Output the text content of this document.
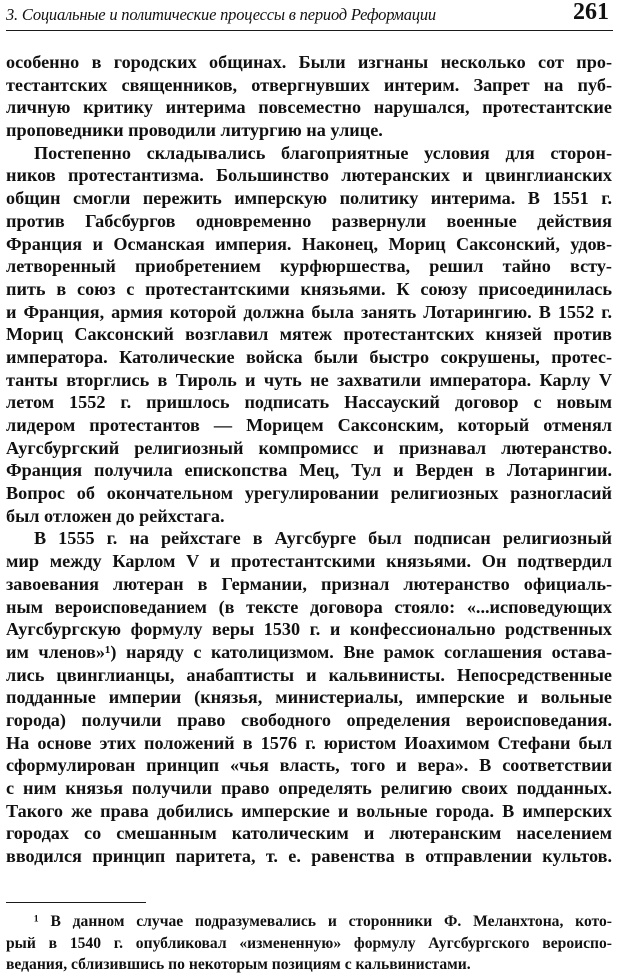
3. Социальные и политические процессы в период Реформации	261
особенно в городских общинах. Были изгнаны несколько сот про-
тестантских священников, отвергнувших интерим. Запрет на пуб-
личную критику интерима повсеместно нарушался, протестантские
проповедники проводили литургию на улице.
Постепенно складывались благоприятные условия для сторон-
ников протестантизма. Большинство лютеранских и цвинглианских
общин смогли пережить имперскую политику интерима. В 1551 г.
против Габсбургов одновременно развернули военные действия
Франция и Османская империя. Наконец, Мориц Саксонский, удов-
летворенный приобретением курфюршества, решил тайно всту-
пить в союз с протестантскими князьями. К союзу присоединилась
и Франция, армия которой должна была занять Лотарингию. В 1552 г.
Мориц Саксонский возглавил мятеж протестантских князей против
императора. Католические войска были быстро сокрушены, протес-
танты вторглись в Тироль и чуть не захватили императора. Карлу V
летом 1552 г. пришлось подписать Нассауский договор с новым
лидером протестантов — Морицем Саксонским, который отменял
Аугсбургский религиозный компромисс и признавал лютеранство.
Франция получила епископства Мец, Тул и Верден в Лотарингии.
Вопрос об окончательном урегулировании религиозных разногласий
был отложен до рейхстага.
В 1555 г. на рейхстаге в Аугсбурге был подписан религиозный
мир между Карлом V и протестантскими князьями. Он подтвердил
завоевания лютеран в Германии, признал лютеранство официаль-
ным вероисповеданием (в тексте договора стояло: «...исповедующих
Аугсбургскую формулу веры 1530 г. и конфессионально родственных
им членов»¹) наряду с католицизмом. Вне рамок соглашения остава-
лись цвинглианцы, анабаптисты и кальвинисты. Непосредственные
подданные империи (князья, министериалы, имперские и вольные
города) получили право свободного определения вероисповедания.
На основе этих положений в 1576 г. юристом Иоахимом Стефани был
сформулирован принцип «чья власть, того и вера». В соответствии
с ним князья получили право определять религию своих подданных.
Такого же права добились имперские и вольные города. В имперских
городах со смешанным католическим и лютеранским населением
вводился принцип паритета, т. е. равенства в отправлении культов.
¹ В данном случае подразумевались и сторонники Ф. Меланхтона, кото-
рый в 1540 г. опубликовал «измененную» формулу Аугсбургского вероиспо-
ведания, сблизившись по некоторым позициям с кальвинистами.
